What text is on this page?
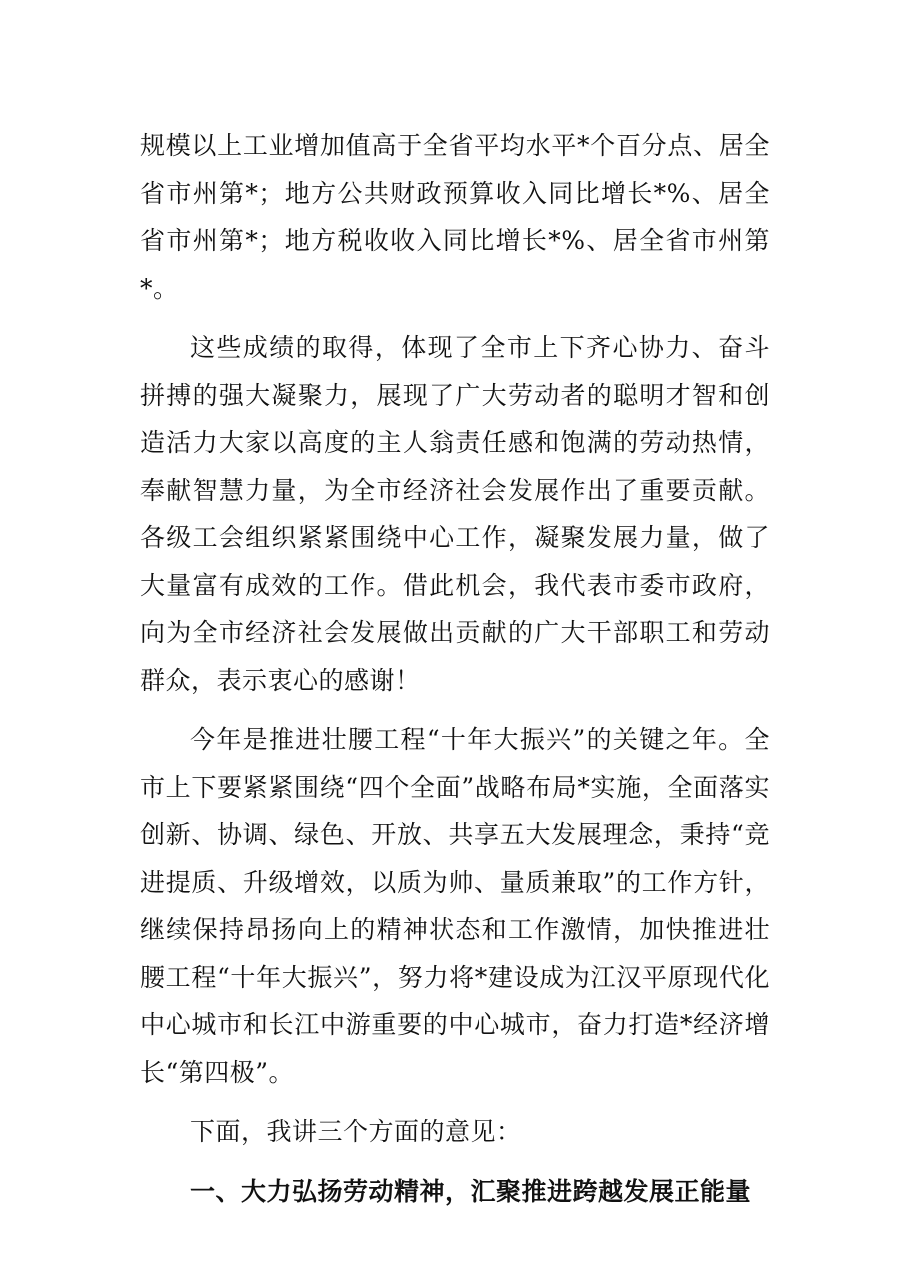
规模以上工业增加值高于全省平均水平*个百分点、居全省市州第*；地方公共财政预算收入同比增长*%、居全省市州第*；地方税收收入同比增长*%、居全省市州第*。

这些成绩的取得，体现了全市上下齐心协力、奋斗拼搏的强大凝聚力，展现了广大劳动者的聪明才智和创造活力大家以高度的主人翁责任感和饱满的劳动热情，奉献智慧力量，为全市经济社会发展作出了重要贡献。各级工会组织紧紧围绕中心工作，凝聚发展力量，做了大量富有成效的工作。借此机会，我代表市委市政府，向为全市经济社会发展做出贡献的广大干部职工和劳动群众，表示衷心的感谢！

今年是推进壮腰工程“十年大振兴”的关键之年。全市上下要紧紧围绕“四个全面”战略布局*实施，全面落实创新、协调、绿色、开放、共享五大发展理念，秉持“竞进提质、升级增效，以质为帅、量质兼取”的工作方针，继续保持昂扬向上的精神状态和工作激情，加快推进壮腰工程“十年大振兴”，努力将*建设成为江汉平原现代化中心城市和长江中游重要的中心城市，奋力打造*经济增长“第四极”。

下面，我讲三个方面的意见：

一、大力弘扬劳动精神，汇聚推进跨越发展正能量
